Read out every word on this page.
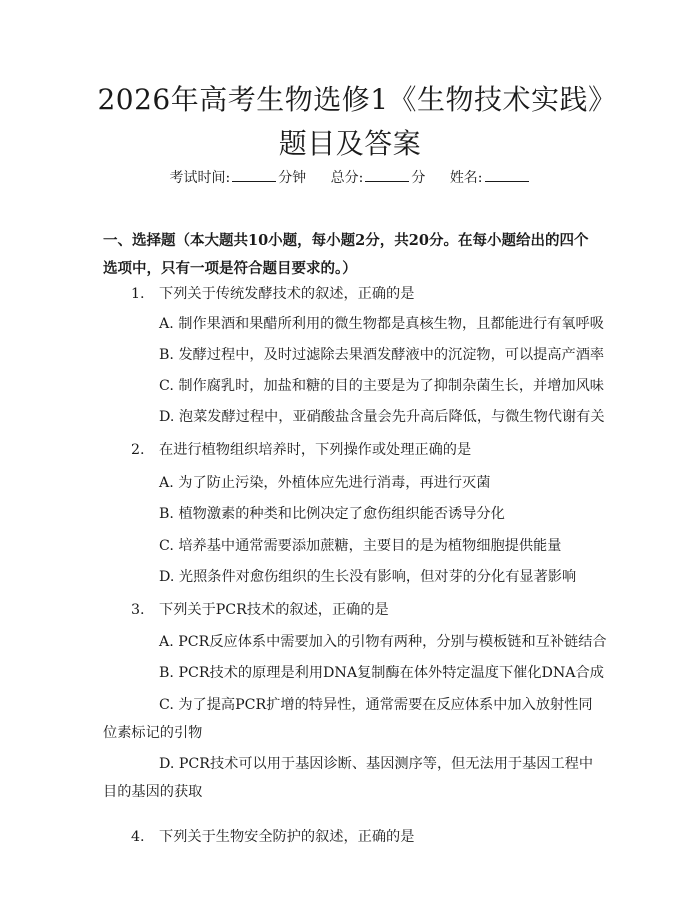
2026年高考生物选修1《生物技术实践》题目及答案
考试时间:	分钟 总分:	分 姓名:
一、选择题（本大题共10小题，每小题2分，共20分。在每小题给出的四个选项中，只有一项是符合题目要求的。）
1. 下列关于传统发酵技术的叙述，正确的是
A. 制作果酒和果醋所利用的微生物都是真核生物，且都能进行有氧呼吸
B. 发酵过程中，及时过滤除去果酒发酵液中的沉淀物，可以提高产酒率
C. 制作腐乳时，加盐和糖的目的主要是为了抑制杂菌生长，并增加风味
D. 泡菜发酵过程中，亚硝酸盐含量会先升高后降低，与微生物代谢有关
2. 在进行植物组织培养时，下列操作或处理正确的是
A. 为了防止污染，外植体应先进行消毒，再进行灭菌
B. 植物激素的种类和比例决定了愈伤组织能否诱导分化
C. 培养基中通常需要添加蔗糖，主要目的是为植物细胞提供能量
D. 光照条件对愈伤组织的生长没有影响，但对芽的分化有显著影响
3. 下列关于PCR技术的叙述，正确的是
A. PCR反应体系中需要加入的引物有两种，分别与模板链和互补链结合
B. PCR技术的原理是利用DNA复制酶在体外特定温度下催化DNA合成
C. 为了提高PCR扩增的特异性，通常需要在反应体系中加入放射性同位素标记的引物
D. PCR技术可以用于基因诊断、基因测序等，但无法用于基因工程中目的基因的获取
4. 下列关于生物安全防护的叙述，正确的是
